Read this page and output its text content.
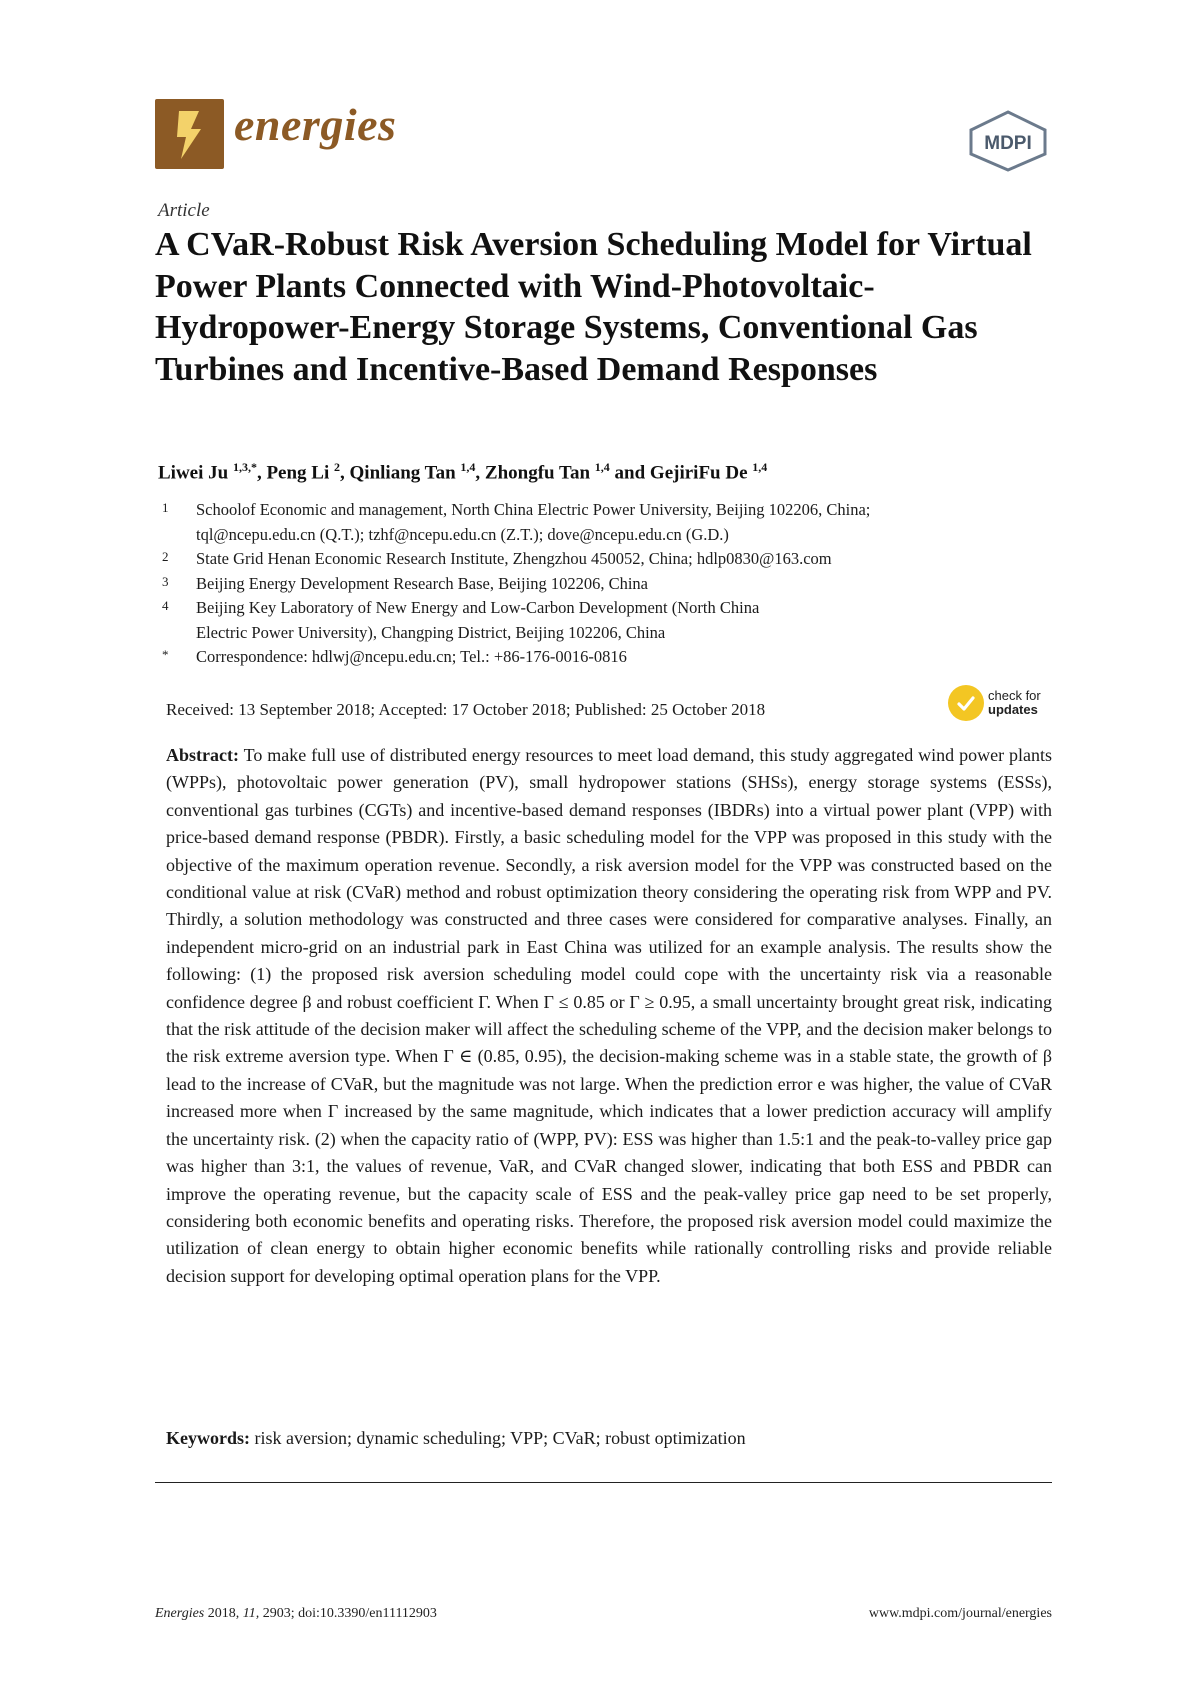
energies	MDPI
Article
A CVaR-Robust Risk Aversion Scheduling Model for Virtual Power Plants Connected with Wind-Photovoltaic-Hydropower-Energy Storage Systems, Conventional Gas Turbines and Incentive-Based Demand Responses
Liwei Ju $^{1,3,*}$, Peng Li $^2$, Qinliang Tan $^{1,4}$, Zhongfu Tan $^{1,4}$ and GejiriFu De $^{1,4}$
1	Schoolof Economic and management, North China Electric Power University, Beijing 102206, China;
tql@ncepu.edu.cn (Q.T.); tzhf@ncepu.edu.cn (Z.T.); dove@ncepu.edu.cn (G.D.)
2	State Grid Henan Economic Research Institute, Zhengzhou 450052, China; hdlp0830@163.com
3	Beijing Energy Development Research Base, Beijing 102206, China
4	Beijing Key Laboratory of New Energy and Low-Carbon Development (North China
Electric Power University), Changping District, Beijing 102206, China
*	Correspondence: hdlwj@ncepu.edu.cn; Tel.: +86-176-0016-0816
Received: 13 September 2018; Accepted: 17 October 2018; Published: 25 October 2018
check for
updates
Abstract: To make full use of distributed energy resources to meet load demand, this study aggregated wind power plants (WPPs), photovoltaic power generation (PV), small hydropower stations (SHSs), energy storage systems (ESSs), conventional gas turbines (CGTs) and incentive-based demand responses (IBDRs) into a virtual power plant (VPP) with price-based demand response (PBDR). Firstly, a basic scheduling model for the VPP was proposed in this study with the objective of the maximum operation revenue. Secondly, a risk aversion model for the VPP was constructed based on the conditional value at risk (CVaR) method and robust optimization theory considering the operating risk from WPP and PV. Thirdly, a solution methodology was constructed and three cases were considered for comparative analyses. Finally, an independent micro-grid on an industrial park in East China was utilized for an example analysis. The results show the following: (1) the proposed risk aversion scheduling model could cope with the uncertainty risk via a reasonable confidence degree β and robust coefficient Γ. When Γ ≤ 0.85 or Γ ≥ 0.95, a small uncertainty brought great risk, indicating that the risk attitude of the decision maker will affect the scheduling scheme of the VPP, and the decision maker belongs to the risk extreme aversion type. When Γ ∈ (0.85, 0.95), the decision-making scheme was in a stable state, the growth of β lead to the increase of CVaR, but the magnitude was not large. When the prediction error e was higher, the value of CVaR increased more when Γ increased by the same magnitude, which indicates that a lower prediction accuracy will amplify the uncertainty risk. (2) when the capacity ratio of (WPP, PV): ESS was higher than 1.5:1 and the peak-to-valley price gap was higher than 3:1, the values of revenue, VaR, and CVaR changed slower, indicating that both ESS and PBDR can improve the operating revenue, but the capacity scale of ESS and the peak-valley price gap need to be set properly, considering both economic benefits and operating risks. Therefore, the proposed risk aversion model could maximize the utilization of clean energy to obtain higher economic benefits while rationally controlling risks and provide reliable decision support for developing optimal operation plans for the VPP.
Keywords: risk aversion; dynamic scheduling; VPP; CVaR; robust optimization
Energies 2018, 11, 2903; doi:10.3390/en11112903	www.mdpi.com/journal/energies
